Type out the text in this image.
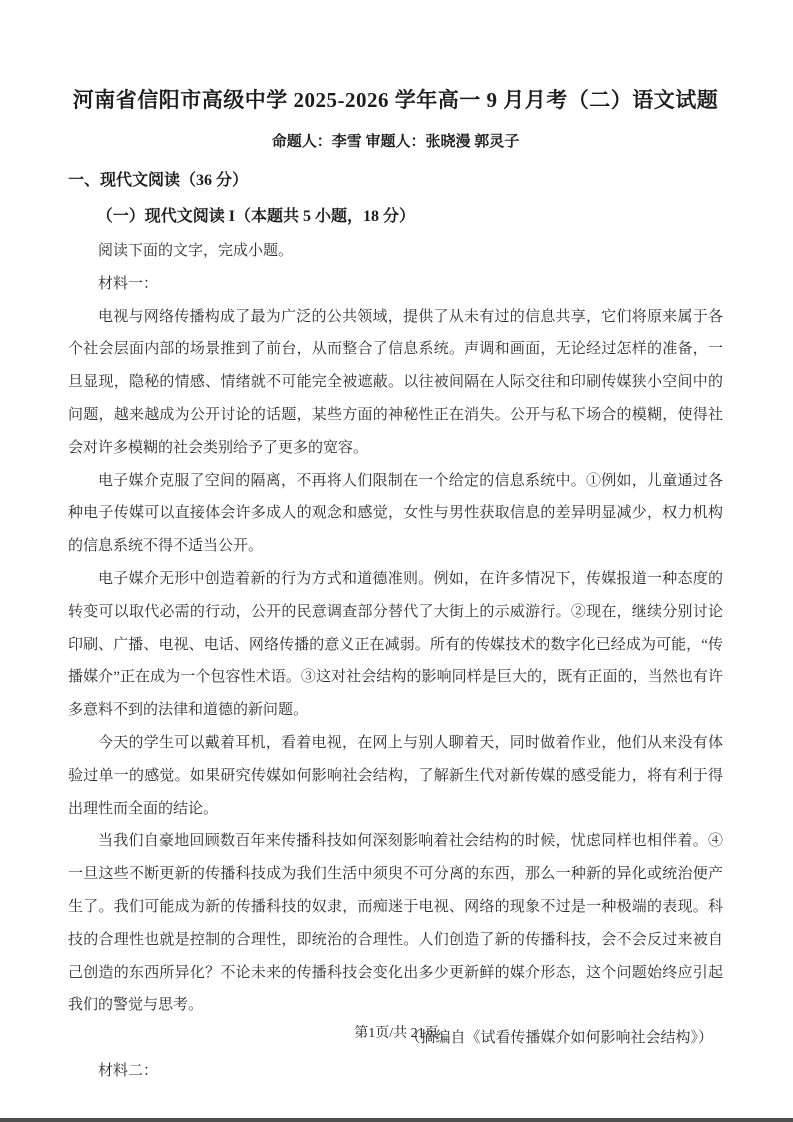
河南省信阳市高级中学 2025-2026 学年高一 9 月月考（二）语文试题
命题人：李雪 审题人：张晓漫 郭灵子
一、现代文阅读（36 分）
（一）现代文阅读 I（本题共 5 小题，18 分）

阅读下面的文字，完成小题。

材料一：

电视与网络传播构成了最为广泛的公共领域，提供了从未有过的信息共享，它们将原来属于各个社会层面内部的场景推到了前台，从而整合了信息系统。声调和画面，无论经过怎样的准备，一旦显现，隐秘的情感、情绪就不可能完全被遮蔽。以往被间隔在人际交往和印刷传媒狭小空间中的问题，越来越成为公开讨论的话题，某些方面的神秘性正在消失。公开与私下场合的模糊，使得社会对许多模糊的社会类别给予了更多的宽容。

电子媒介克服了空间的隔离，不再将人们限制在一个给定的信息系统中。①例如，儿童通过各种电子传媒可以直接体会许多成人的观念和感觉，女性与男性获取信息的差异明显减少，权力机构的信息系统不得不适当公开。

电子媒介无形中创造着新的行为方式和道德准则。例如，在许多情况下，传媒报道一种态度的转变可以取代必需的行动，公开的民意调查部分替代了大街上的示威游行。②现在，继续分别讨论印刷、广播、电视、电话、网络传播的意义正在减弱。所有的传媒技术的数字化已经成为可能，“传播媒介”正在成为一个包容性术语。③这对社会结构的影响同样是巨大的，既有正面的，当然也有许多意料不到的法律和道德的新问题。

今天的学生可以戴着耳机，看着电视，在网上与别人聊着天，同时做着作业，他们从来没有体验过单一的感觉。如果研究传媒如何影响社会结构，了解新生代对新传媒的感受能力，将有利于得出理性而全面的结论。

当我们自豪地回顾数百年来传播科技如何深刻影响着社会结构的时候，忧虑同样也相伴着。④一旦这些不断更新的传播科技成为我们生活中须臾不可分离的东西，那么一种新的异化或统治便产生了。我们可能成为新的传播科技的奴隶，而痴迷于电视、网络的现象不过是一种极端的表现。科技的合理性也就是控制的合理性，即统治的合理性。人们创造了新的传播科技，会不会反过来被自己创造的东西所异化？不论未来的传播科技会变化出多少更新鲜的媒介形态，这个问题始终应引起我们的警觉与思考。

（摘编自《试看传播媒介如何影响社会结构》）

材料二：

第1页/共 21页
